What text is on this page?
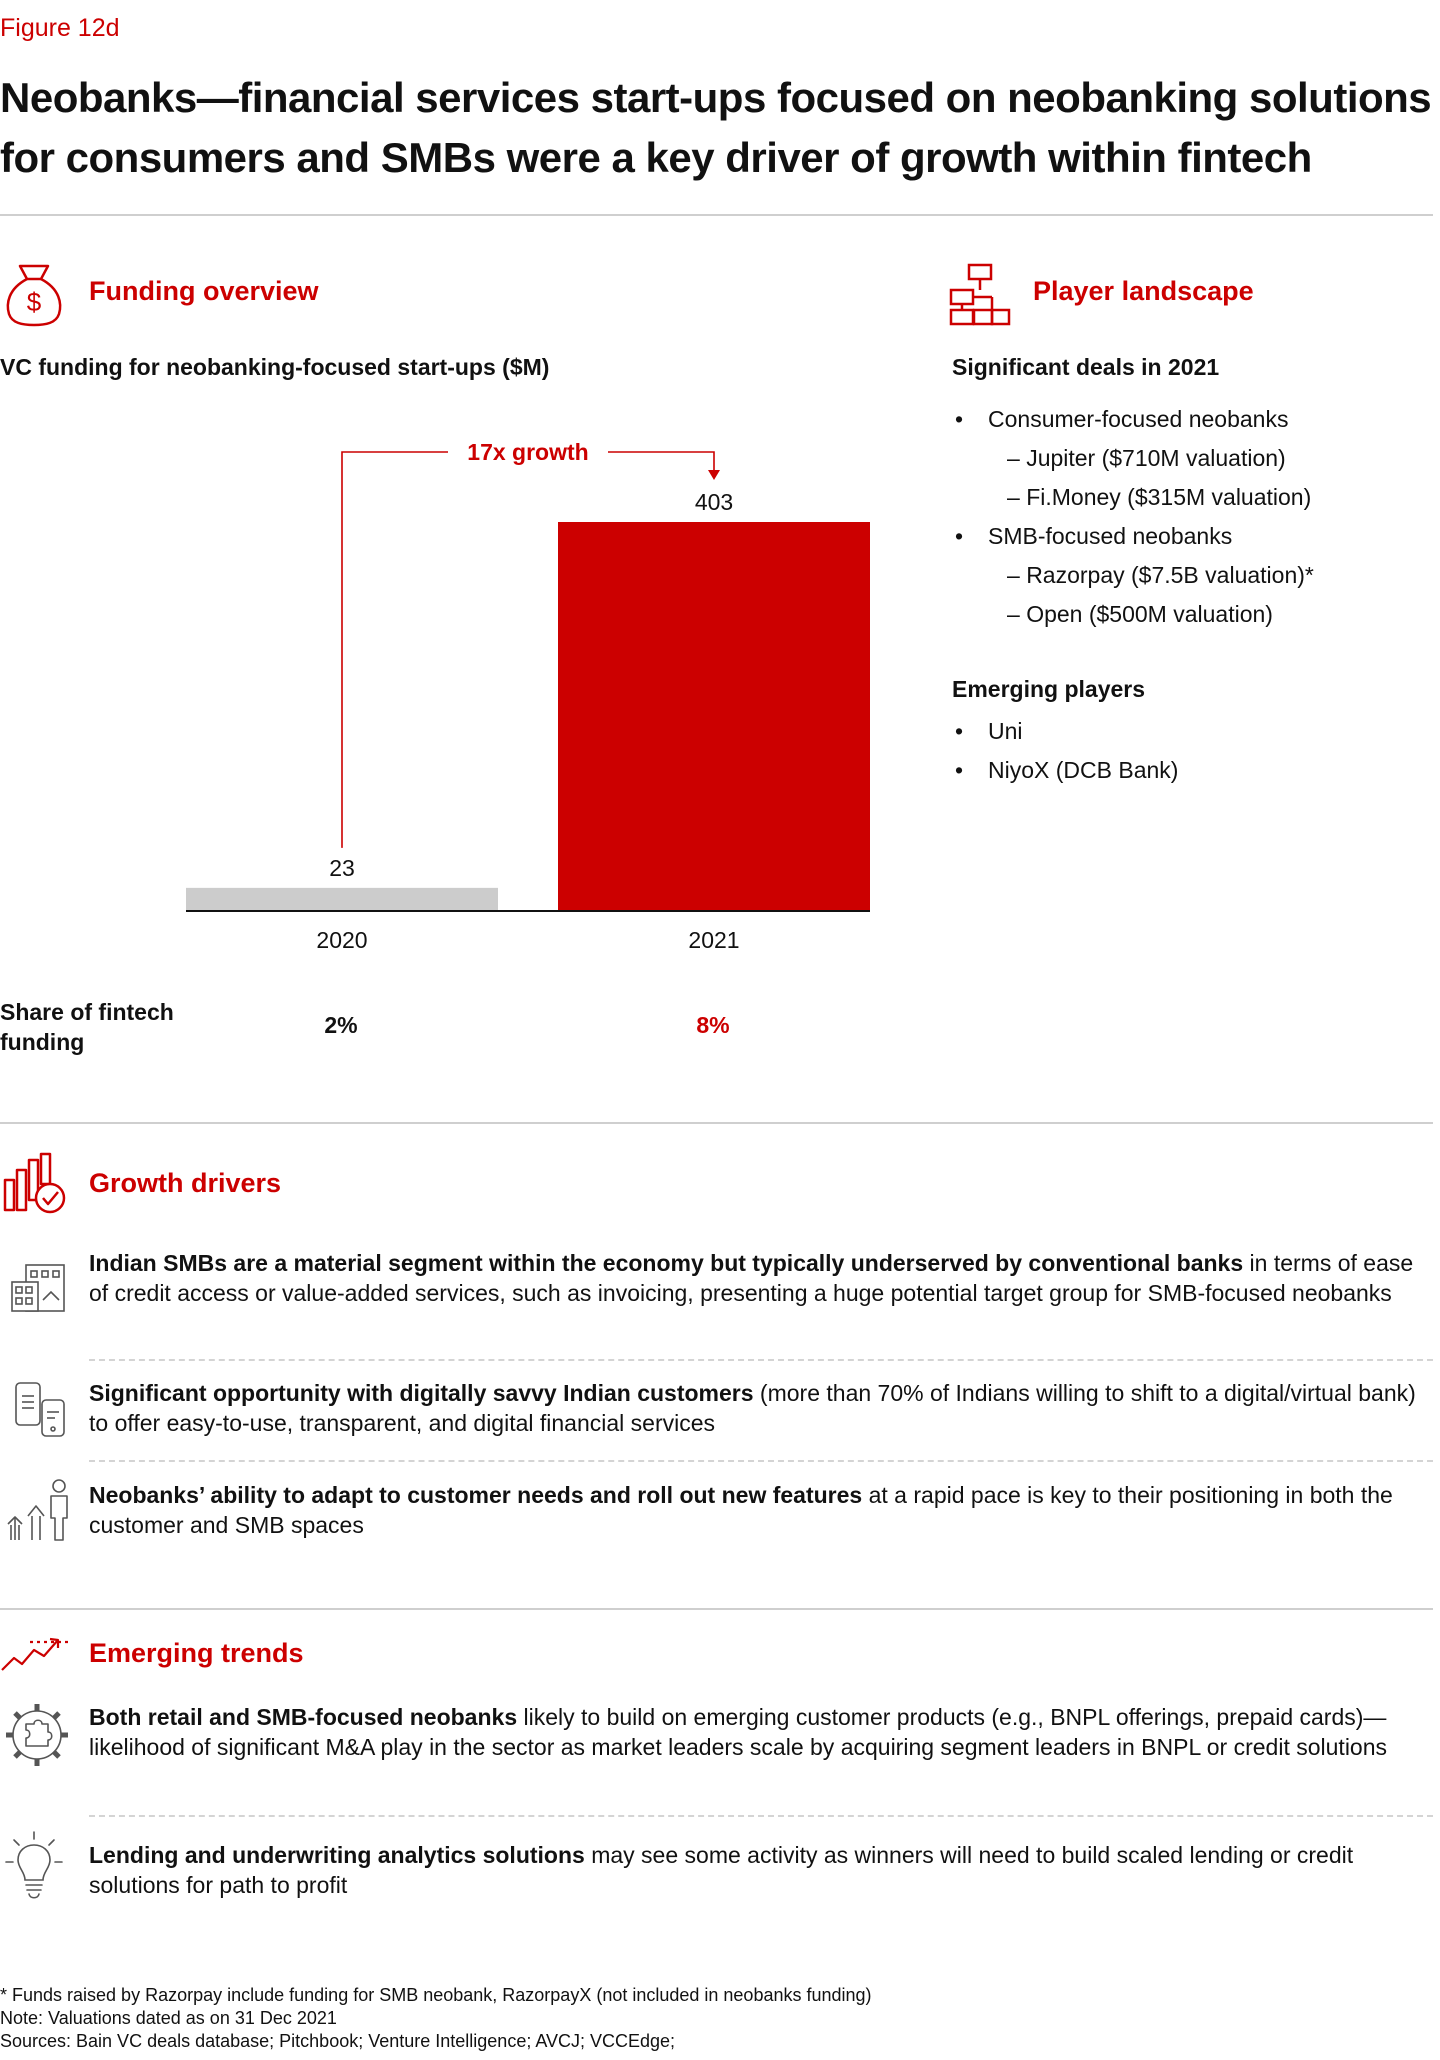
Figure 12d
Neobanks—financial services start-ups focused on neobanking solutions for consumers and SMBs were a key driver of growth within fintech
$ Funding overview
VC funding for neobanking-focused start-ups ($M)
23
2020
403
2021
17x growth
Share of fintech funding
2%	8%
Player landscape
Significant deals in 2021
• Consumer-focused neobanks
– Jupiter ($710M valuation)
– Fi.Money ($315M valuation)
• SMB-focused neobanks
– Razorpay ($7.5B valuation)*
– Open ($500M valuation)
Emerging players
• Uni
• NiyoX (DCB Bank)
Growth drivers

Indian SMBs are a material segment within the economy but typically underserved by conventional banks in terms of ease of credit access or value-added services, such as invoicing, presenting a huge potential target group for SMB-focused neobanks

Significant opportunity with digitally savvy Indian customers (more than 70% of Indians willing to shift to a digital/virtual bank) to offer easy-to-use, transparent, and digital financial services

Neobanks’ ability to adapt to customer needs and roll out new features at a rapid pace is key to their positioning in both the customer and SMB spaces

Emerging trends

Both retail and SMB-focused neobanks likely to build on emerging customer products (e.g., BNPL offerings, prepaid cards)—likelihood of significant M&A play in the sector as market leaders scale by acquiring segment leaders in BNPL or credit solutions

Lending and underwriting analytics solutions may see some activity as winners will need to build scaled lending or credit solutions for path to profit

* Funds raised by Razorpay include funding for SMB neobank, RazorpayX (not included in neobanks funding)
Note: Valuations dated as on 31 Dec 2021
Sources: Bain VC deals database; Pitchbook; Venture Intelligence; AVCJ; VCCEdge;
